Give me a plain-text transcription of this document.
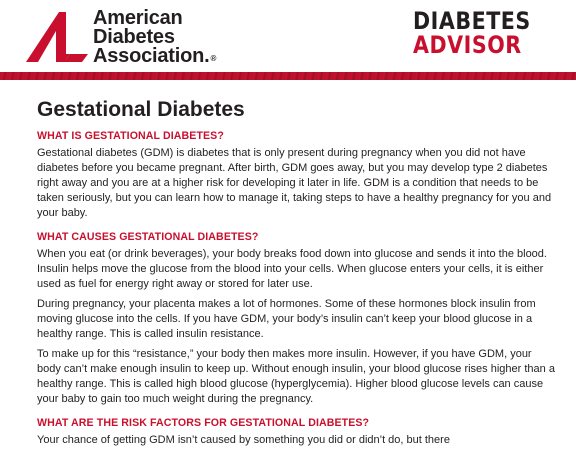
American
Diabetes
Association.®
DIABETES
ADVISOR
Gestational Diabetes
WHAT IS GESTATIONAL DIABETES?

Gestational diabetes (GDM) is diabetes that is only present during pregnancy when you did not have diabetes before you became pregnant. After birth, GDM goes away, but you may develop type 2 diabetes right away and you are at a higher risk for developing it later in life. GDM is a condition that needs to be taken seriously, but you can learn how to manage it, taking steps to have a healthy pregnancy for you and your baby.

WHAT CAUSES GESTATIONAL DIABETES?

When you eat (or drink beverages), your body breaks food down into glucose and sends it into the blood. Insulin helps move the glucose from the blood into your cells. When glucose enters your cells, it is either used as fuel for energy right away or stored for later use.

During pregnancy, your placenta makes a lot of hormones. Some of these hormones block insulin from moving glucose into the cells. If you have GDM, your body’s insulin can’t keep your blood glucose in a healthy range. This is called insulin resistance.

To make up for this “resistance,” your body then makes more insulin. However, if you have GDM, your body can’t make enough insulin to keep up. Without enough insulin, your blood glucose rises higher than a healthy range. This is called high blood glucose (hyperglycemia). Higher blood glucose levels can cause your baby to gain too much weight during the pregnancy.

WHAT ARE THE RISK FACTORS FOR GESTATIONAL DIABETES?

Your chance of getting GDM isn’t caused by something you did or didn’t do, but there
